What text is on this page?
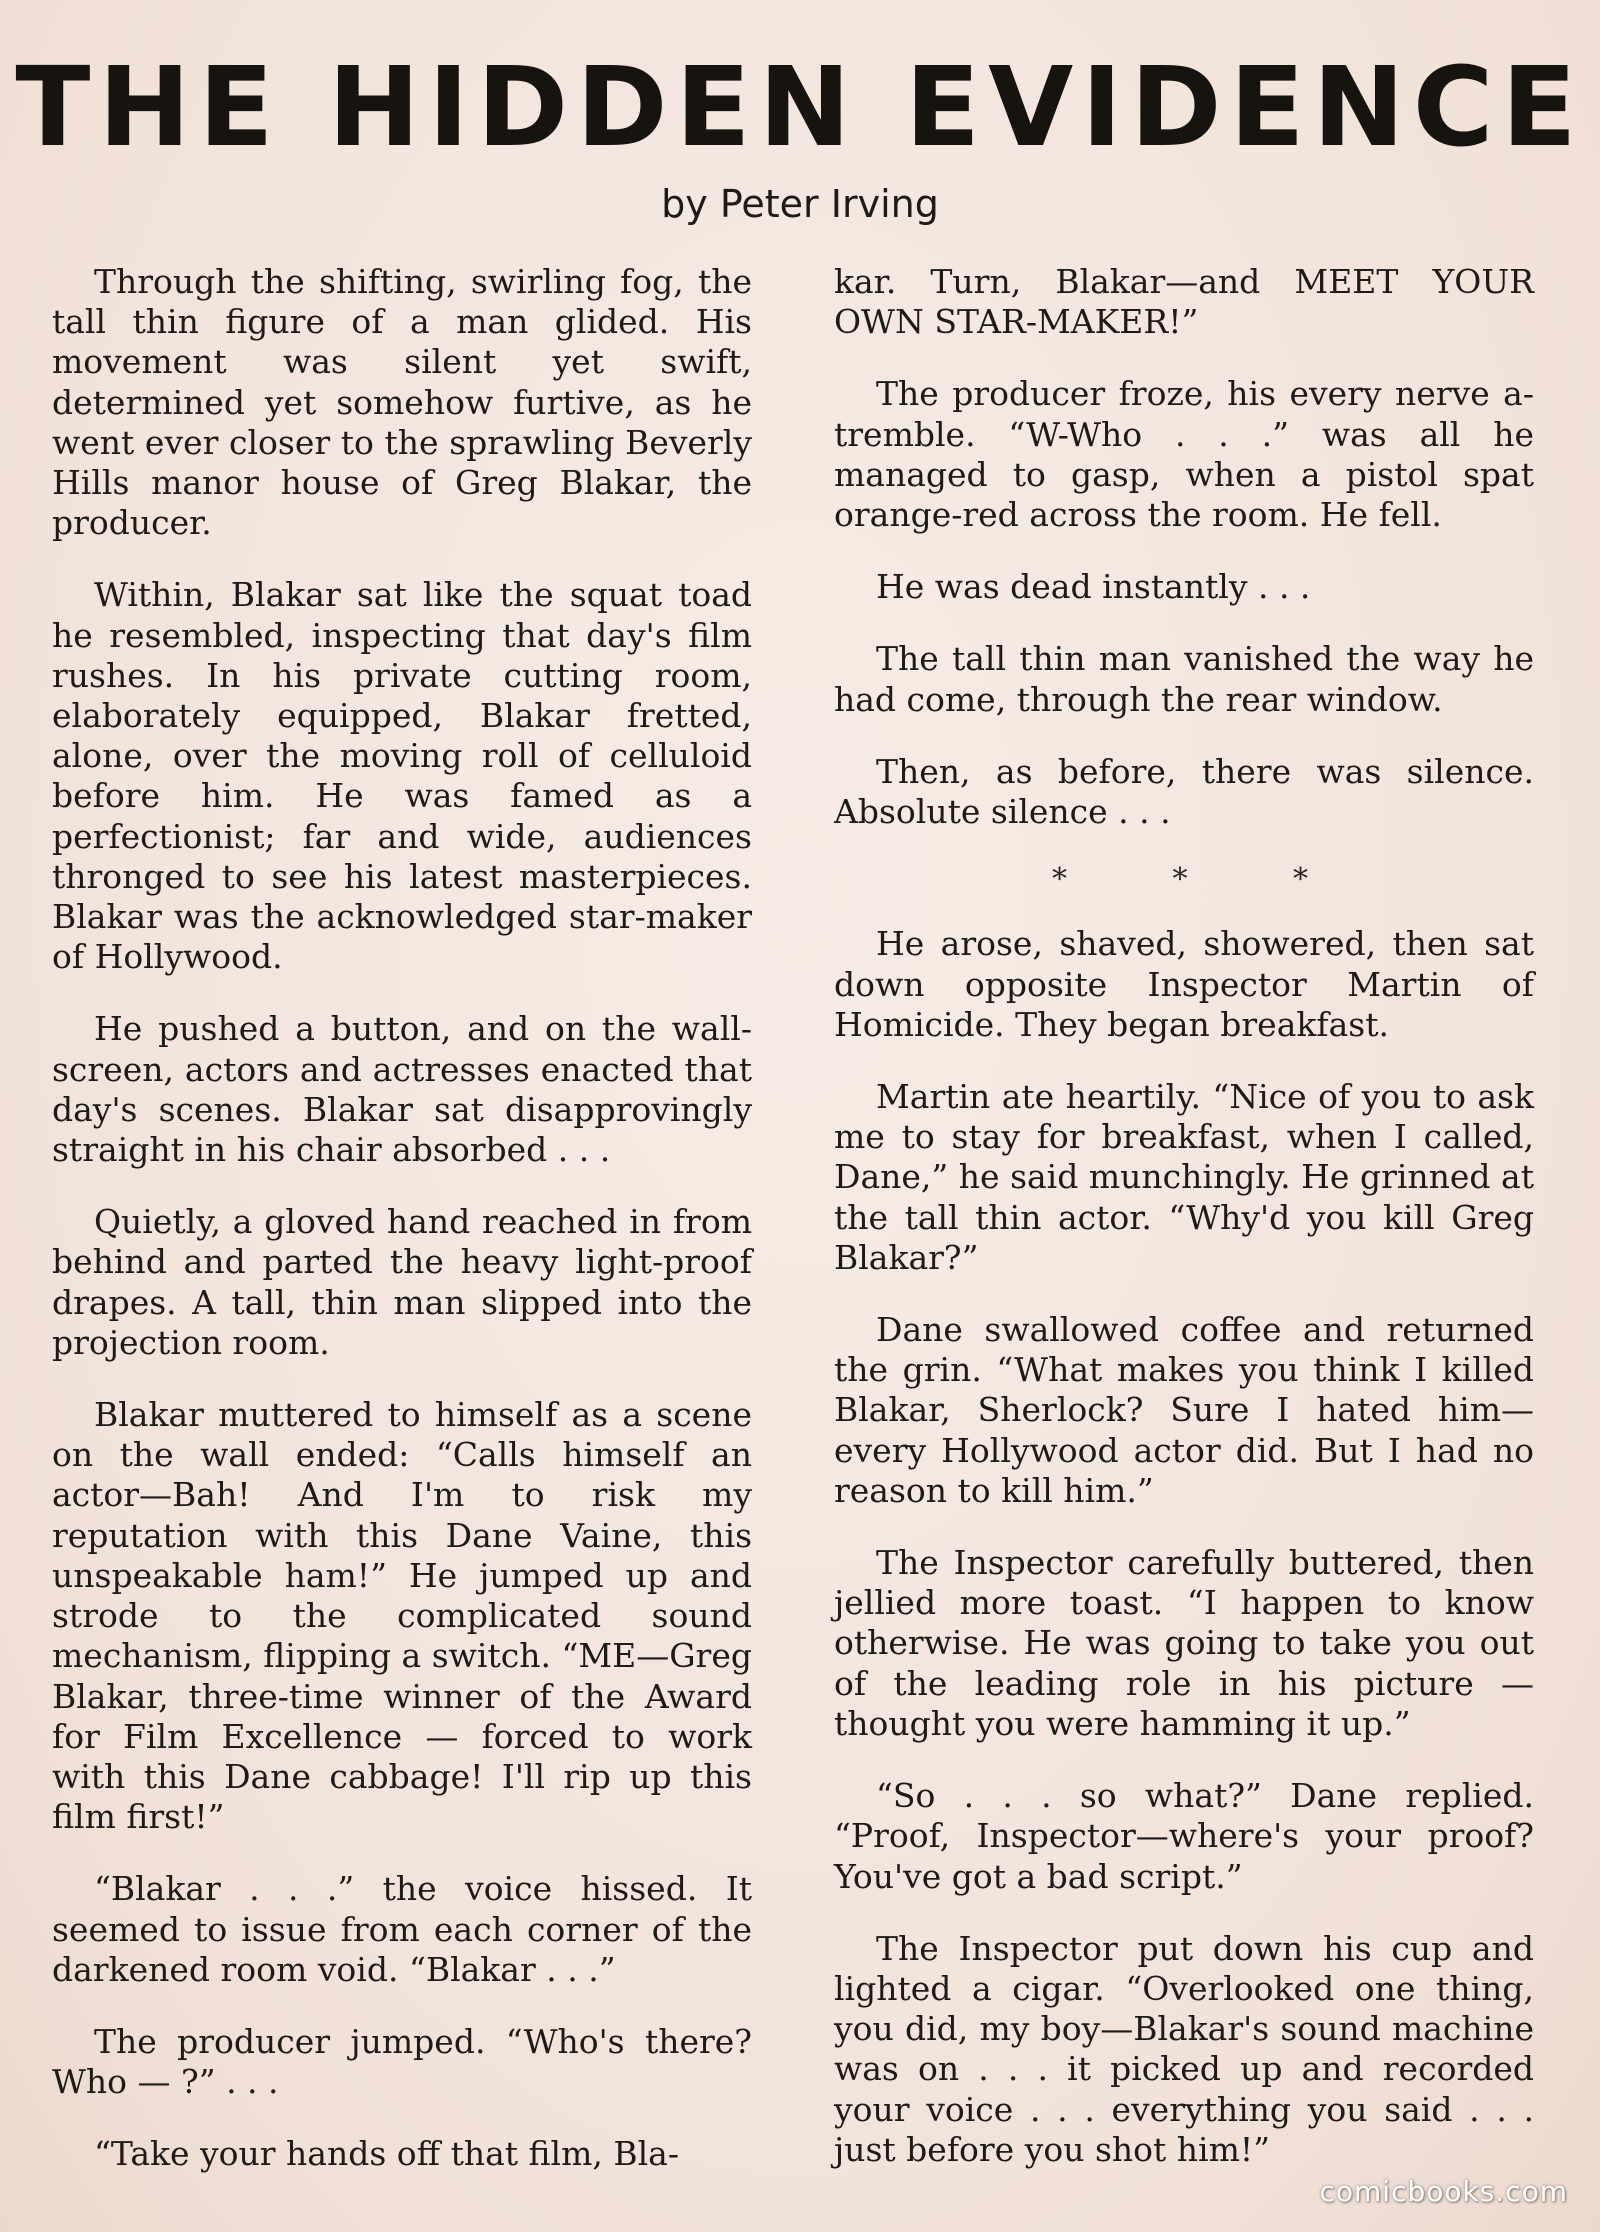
THE HIDDEN EVIDENCE
by Peter Irving

Through the shifting, swirling fog, the tall thin figure of a man glided. His movement was silent yet swift, determined yet somehow furtive, as he went ever closer to the sprawling Beverly Hills manor house of Greg Blakar, the producer.

Within, Blakar sat like the squat toad he resembled, inspecting that day's film rushes. In his private cutting room, elaborately equipped, Blakar fretted, alone, over the moving roll of celluloid before him. He was famed as a perfectionist; far and wide, audiences thronged to see his latest masterpieces. Blakar was the acknowledged star-maker of Hollywood.

He pushed a button, and on the wall-screen, actors and actresses enacted that day's scenes. Blakar sat disapprovingly straight in his chair absorbed . . .

Quietly, a gloved hand reached in from behind and parted the heavy light-proof drapes. A tall, thin man slipped into the projection room.

Blakar muttered to himself as a scene on the wall ended: “Calls himself an actor—Bah! And I'm to risk my reputation with this Dane Vaine, this unspeakable ham!” He jumped up and strode to the complicated sound mechanism, flipping a switch. “ME—Greg Blakar, three-time winner of the Award for Film Excellence — forced to work with this Dane cabbage! I'll rip up this film first!”

“Blakar . . .” the voice hissed. It seemed to issue from each corner of the darkened room void. “Blakar . . .”

The producer jumped. “Who's there? Who — ?” . . .

“Take your hands off that film, Bla-

kar. Turn, Blakar—and MEET YOUR OWN STAR-MAKER!”

The producer froze, his every nerve a-tremble. “W-Who . . .” was all he managed to gasp, when a pistol spat orange-red across the room. He fell.

He was dead instantly . . .

The tall thin man vanished the way he had come, through the rear window.

Then, as before, there was silence. Absolute silence . . .

* * *

He arose, shaved, showered, then sat down opposite Inspector Martin of Homicide. They began breakfast.

Martin ate heartily. “Nice of you to ask me to stay for breakfast, when I called, Dane,” he said munchingly. He grinned at the tall thin actor. “Why'd you kill Greg Blakar?”

Dane swallowed coffee and returned the grin. “What makes you think I killed Blakar, Sherlock? Sure I hated him—every Hollywood actor did. But I had no reason to kill him.”

The Inspector carefully buttered, then jellied more toast. “I happen to know otherwise. He was going to take you out of the leading role in his picture — thought you were hamming it up.”

“So . . . so what?” Dane replied. “Proof, Inspector—where's your proof? You've got a bad script.”

The Inspector put down his cup and lighted a cigar. “Overlooked one thing, you did, my boy—Blakar's sound machine was on . . . it picked up and recorded your voice . . . everything you said . . . just before you shot him!”

comicbooks.com
